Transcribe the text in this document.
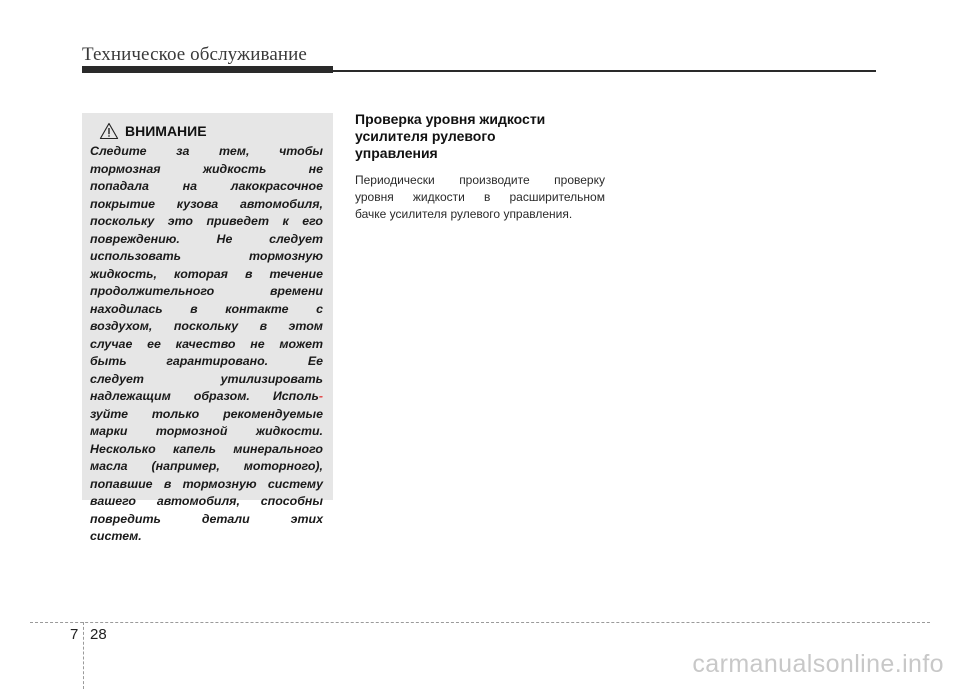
Техническое обслуживание
ВНИМАНИЕ
Следите за тем, чтобы
тормозная	жидкость	не
попадала	на	лакокрасочное
покрытие кузова автомобиля,
поскольку это приведет к его
повреждению.	Не	следует
использовать	тормозную
жидкость, которая в течение
продолжительного	времени
находилась в контакте с
воздухом, поскольку в этом
случае ее качество не может
быть	гарантировано.	Ее
следует	утилизировать
надлежащим образом. Исполь-
зуйте только рекомендуемые
марки тормозной жидкости.
Несколько капель минерального
масла (например, моторного),
попавшие в тормозную систему
вашего автомобиля, способны
повредить	детали	этих
систем.
Проверка уровня жидкости
усилителя рулевого
управления
Периодически производите проверку
уровня жидкости в расширительном
бачке
усилителя
рулевого
управления.
7 28
carmanualsonline.info
